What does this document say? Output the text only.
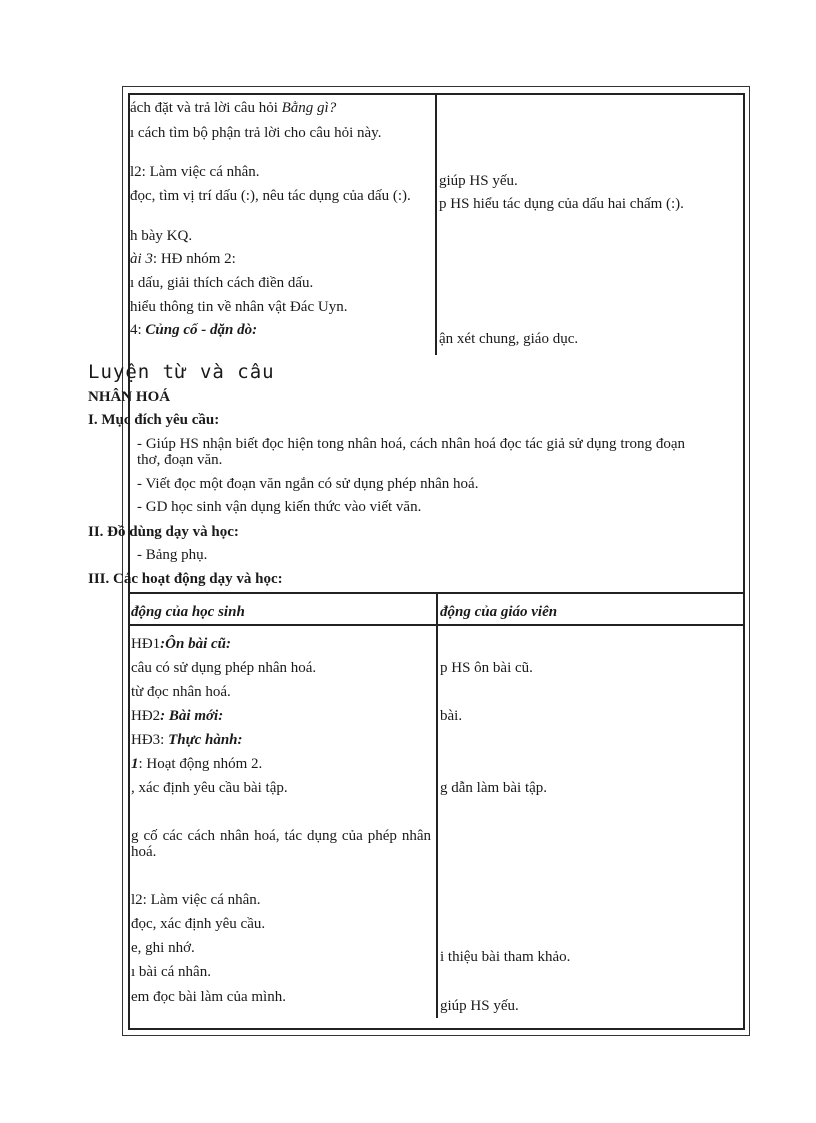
ách đặt và trả lời câu hỏi Bằng gì?
ı cách tìm bộ phận trả lời cho câu hỏi này.
l2: Làm việc cá nhân.
đọc, tìm vị trí dấu (:), nêu tác dụng của dấu (:).
h bày KQ.
ài 3: HĐ nhóm 2:
ı dấu, giải thích cách điền dấu.
hiểu thông tin về nhân vật Đác Uyn.
4: Củng cố - dặn dò:
giúp HS yếu.
p HS hiểu tác dụng của dấu hai chấm (:).
ận xét chung, giáo dục.
Luyện từ và câu
NHÂN HOÁ
I. Mục đích yêu cầu:
- Giúp HS nhận biết đọc hiện tong nhân hoá, cách nhân hoá đọc tác giả sử dụng trong đoạn thơ, đoạn văn.
- Viết đọc một đoạn văn ngắn có sử dụng phép nhân hoá.
- GD học sinh vận dụng kiến thức vào viết văn.
II. Đồ dùng dạy và học:
- Bảng phụ.
III. Các hoạt động dạy và học:
động của học sinh	động của giáo viên
HĐ1:Ôn bài cũ:
câu có sử dụng phép nhân hoá.
từ đọc nhân hoá.
HĐ2: Bài mới:
HĐ3: Thực hành:
1: Hoạt động nhóm 2.
, xác định yêu cầu bài tập.
g cố các cách nhân hoá, tác dụng của phép nhân hoá.
l2: Làm việc cá nhân.
đọc, xác định yêu cầu.
e, ghi nhớ.
ı bài cá nhân.
em đọc bài làm của mình.
p HS ôn bài cũ.
bài.
g dẫn làm bài tập.
i thiệu bài tham khảo.
giúp HS yếu.
